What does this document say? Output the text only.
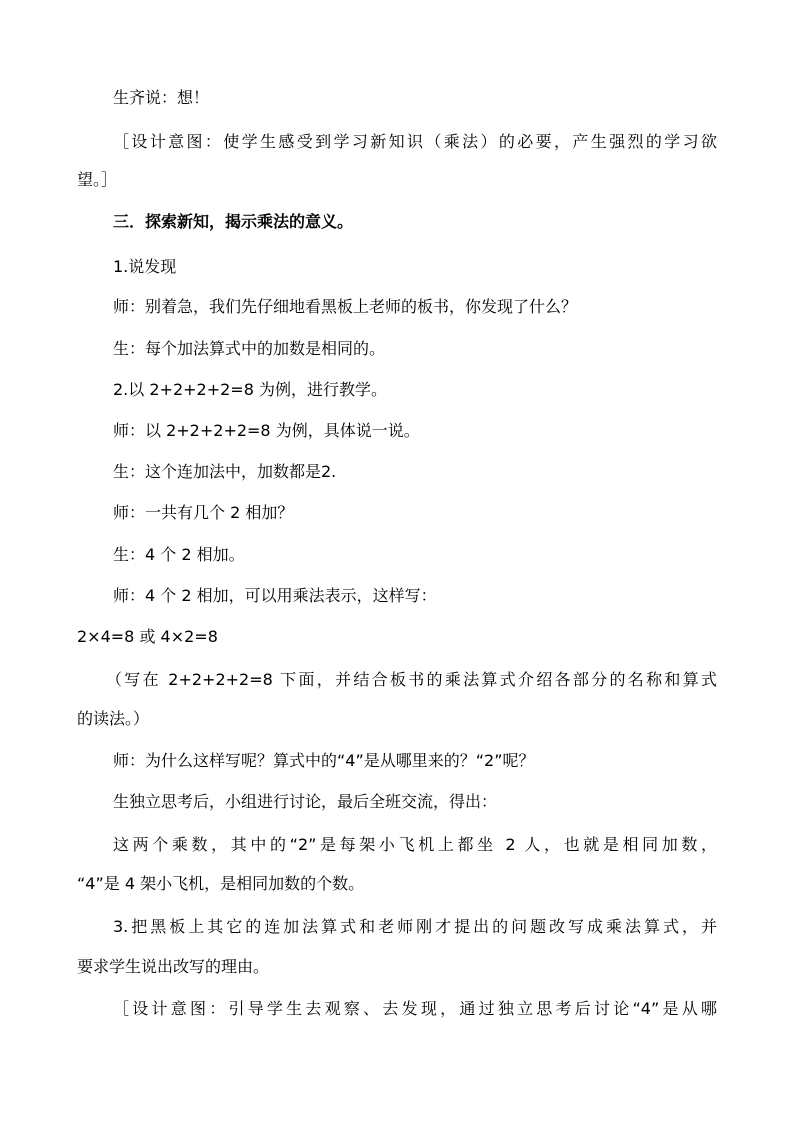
生齐说：想！
［设计意图：使学生感受到学习新知识（乘法）的必要，产生强烈的学习欲
望。］
三．探索新知，揭示乘法的意义。
1.说发现
师：别着急，我们先仔细地看黑板上老师的板书，你发现了什么？
生：每个加法算式中的加数是相同的。
2.以 2+2+2+2=8 为例，进行教学。
师：以 2+2+2+2=8 为例，具体说一说。
生：这个连加法中，加数都是2.
师：一共有几个 2 相加？
生：4 个 2 相加。
师：4 个 2 相加，可以用乘法表示，这样写：
2×4=8 或 4×2=8
（写在 2+2+2+2=8 下面，并结合板书的乘法算式介绍各部分的名称和算式
的读法。）
师：为什么这样写呢？算式中的“4”是从哪里来的？“2”呢？
生独立思考后，小组进行讨论，最后全班交流，得出：
这两个乘数，其中的“2”是每架小飞机上都坐 2 人，也就是相同加数，
“4”是 4 架小飞机，是相同加数的个数。
3.把黑板上其它的连加法算式和老师刚才提出的问题改写成乘法算式，并
要求学生说出改写的理由。
［设计意图：引导学生去观察、去发现，通过独立思考后讨论“4”是从哪
